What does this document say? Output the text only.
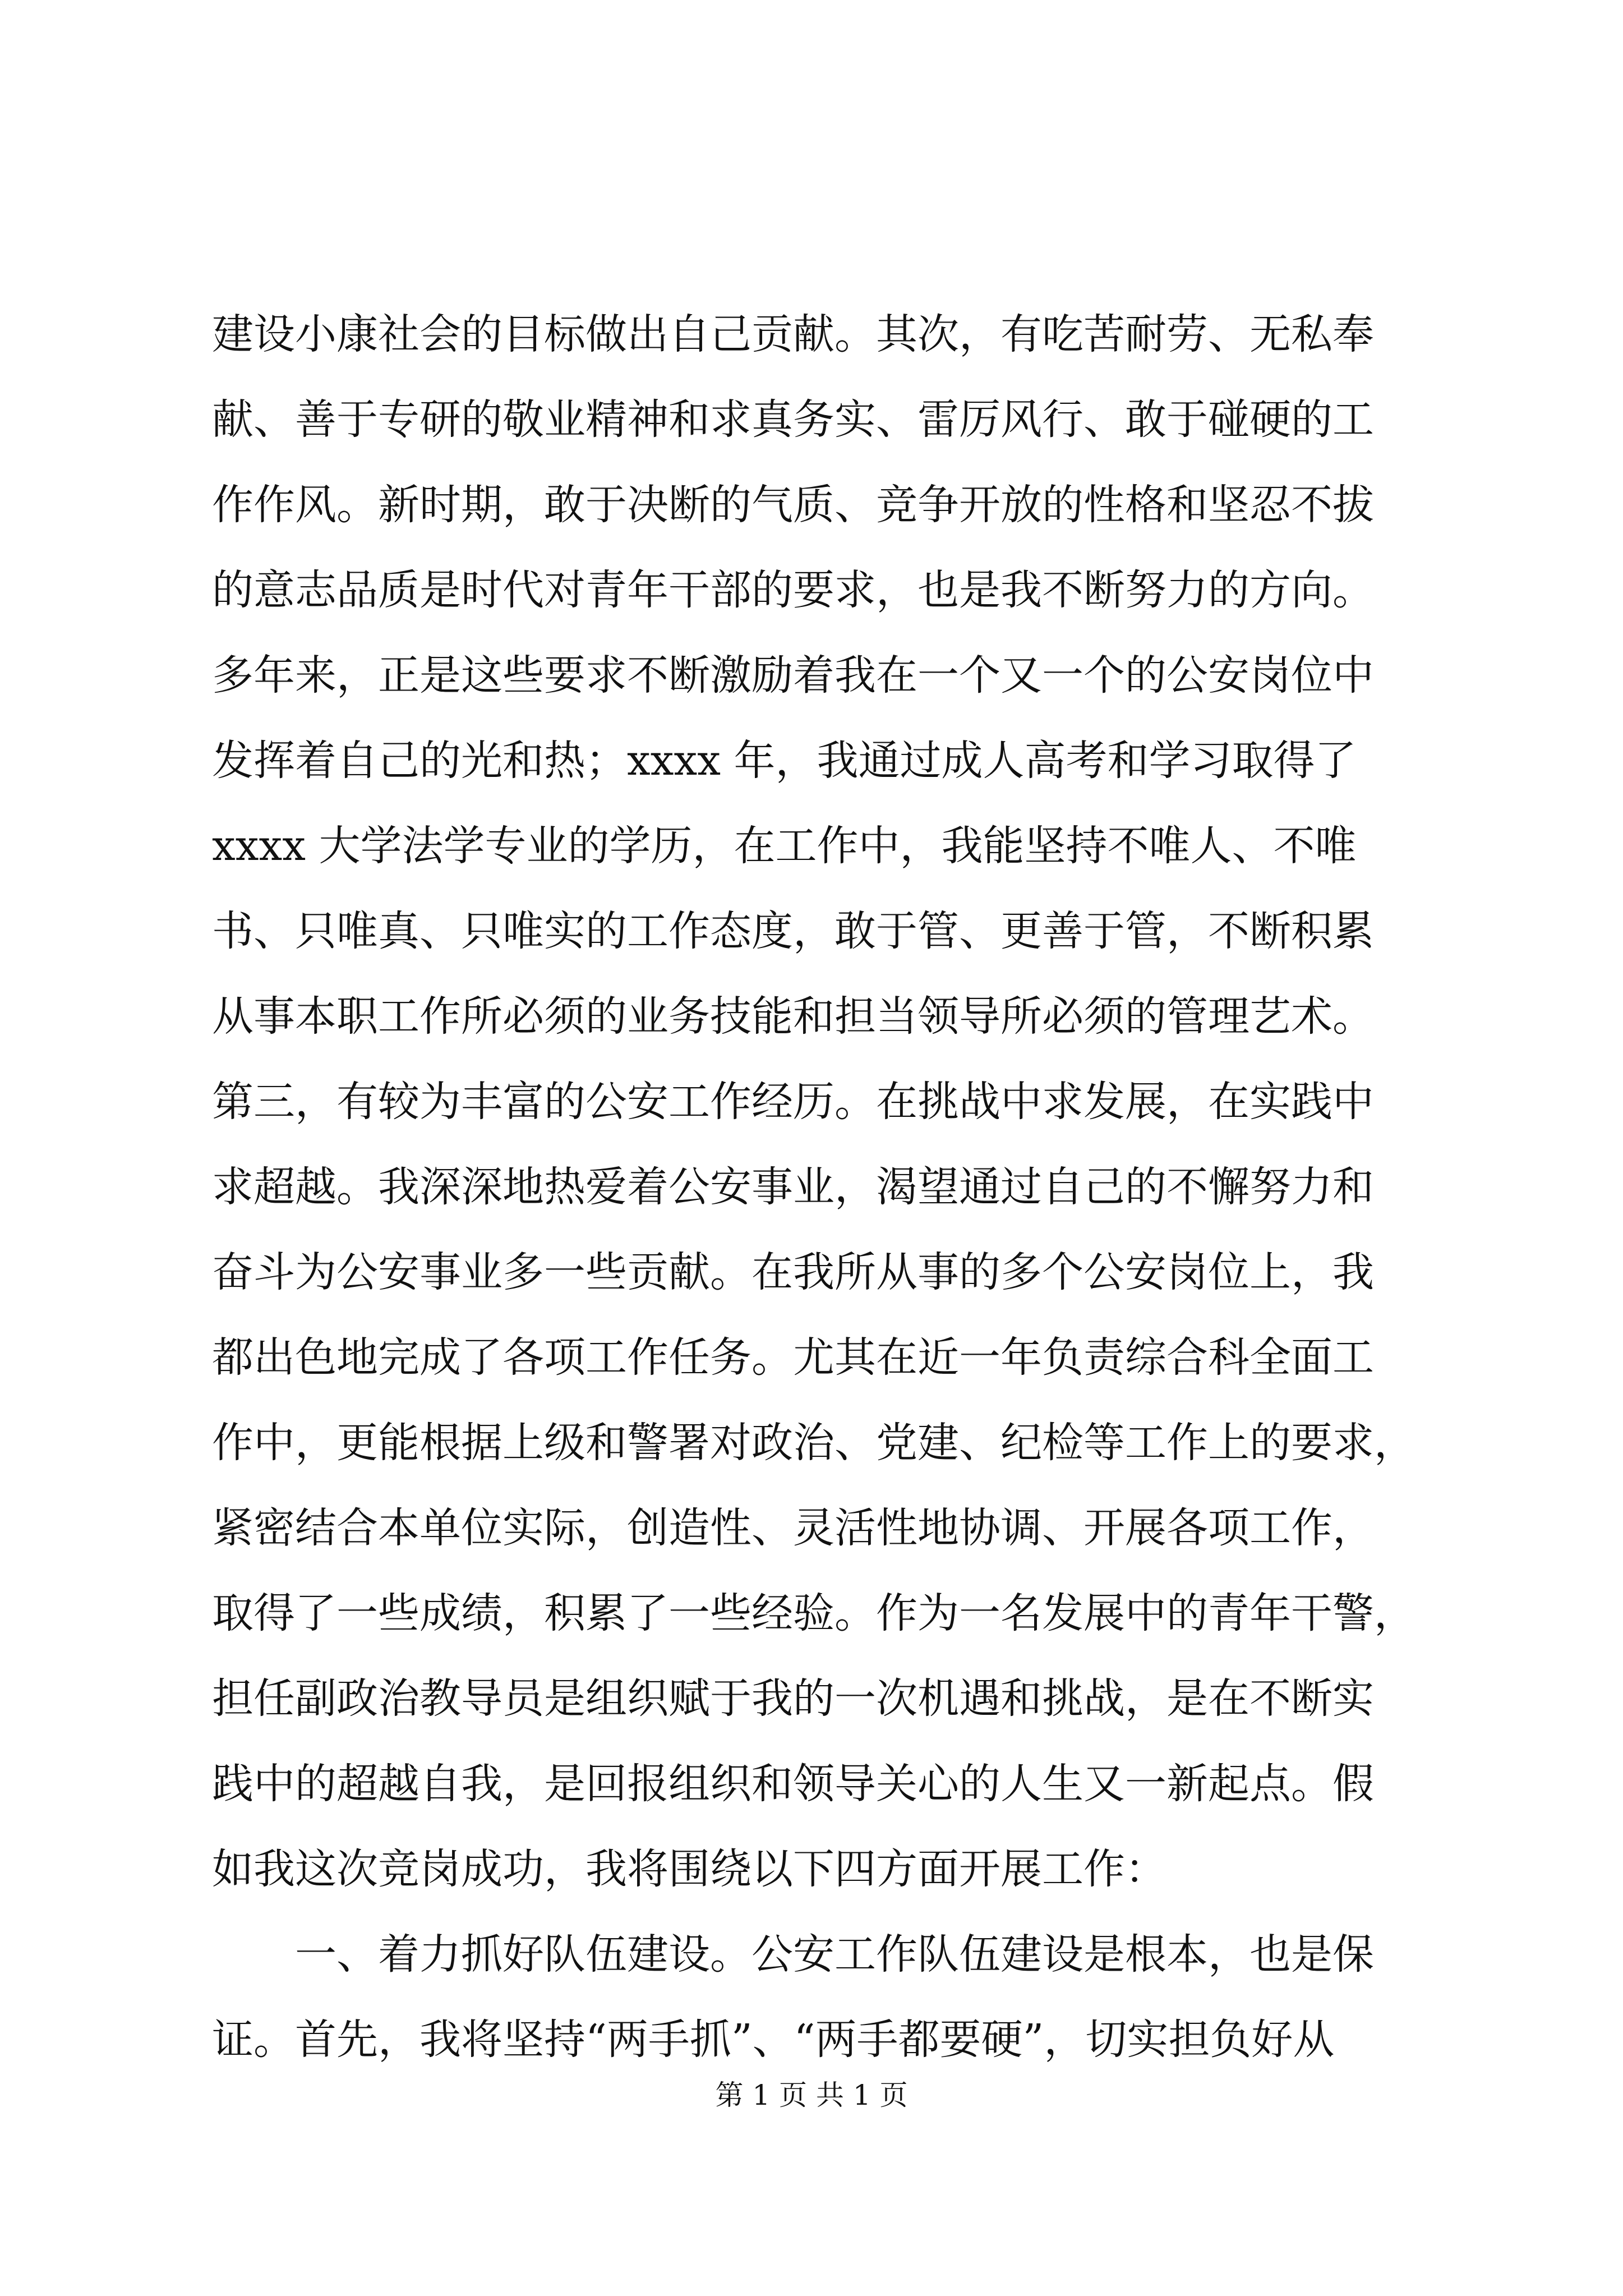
建设小康社会的目标做出自己贡献。其次，有吃苦耐劳、无私奉
献、善于专研的敬业精神和求真务实、雷厉风行、敢于碰硬的工
作作风。新时期，敢于决断的气质、竞争开放的性格和坚忍不拔
的意志品质是时代对青年干部的要求，也是我不断努力的方向。
多年来，正是这些要求不断激励着我在一个又一个的公安岗位中
发挥着自己的光和热；xxxx 年，我通过成人高考和学习取得了
xxxx 大学法学专业的学历，在工作中，我能坚持不唯人、不唯
书、只唯真、只唯实的工作态度，敢于管、更善于管，不断积累
从事本职工作所必须的业务技能和担当领导所必须的管理艺术。
第三，有较为丰富的公安工作经历。在挑战中求发展，在实践中
求超越。我深深地热爱着公安事业，渴望通过自己的不懈努力和
奋斗为公安事业多一些贡献。在我所从事的多个公安岗位上，我
都出色地完成了各项工作任务。尤其在近一年负责综合科全面工
作中，更能根据上级和警署对政治、党建、纪检等工作上的要求，
紧密结合本单位实际，创造性、灵活性地协调、开展各项工作，
取得了一些成绩，积累了一些经验。作为一名发展中的青年干警，
担任副政治教导员是组织赋于我的一次机遇和挑战，是在不断实
践中的超越自我，是回报组织和领导关心的人生又一新起点。假
如我这次竞岗成功，我将围绕以下四方面开展工作：
一、着力抓好队伍建设。公安工作队伍建设是根本，也是保
证。首先，我将坚持“两手抓”、“两手都要硬”，切实担负好从
第 1 页 共 1 页
